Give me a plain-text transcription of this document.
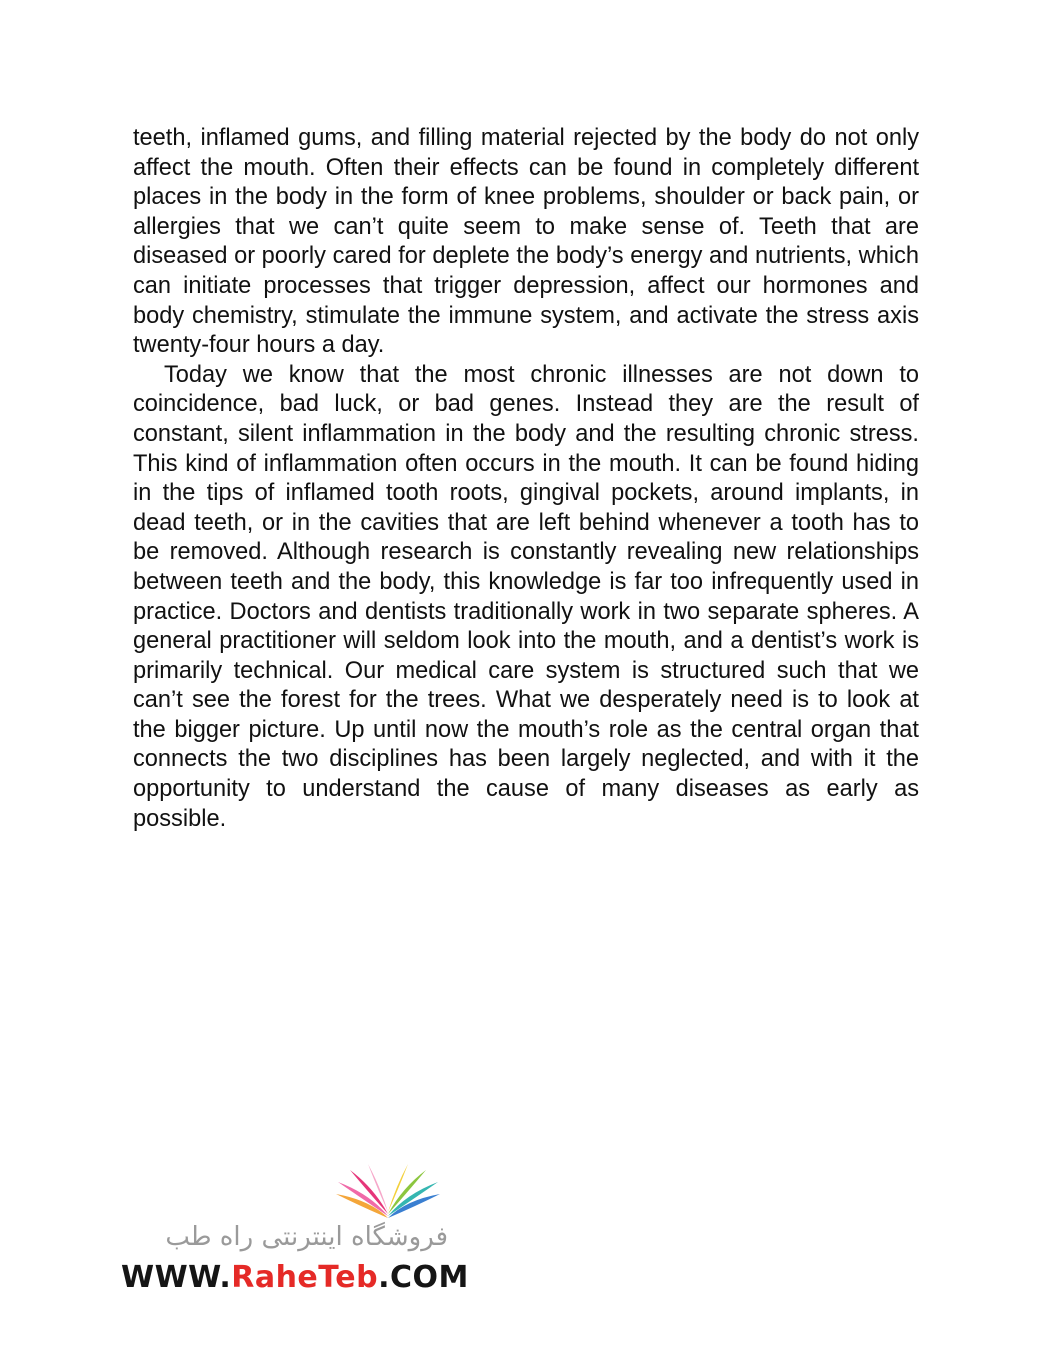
teeth, inflamed gums, and filling material rejected by the body do not only affect the mouth. Often their effects can be found in completely different places in the body in the form of knee problems, shoulder or back pain, or allergies that we can’t quite seem to make sense of. Teeth that are diseased or poorly cared for deplete the body’s energy and nutrients, which can initiate processes that trigger depression, affect our hormones and body chemistry, stimulate the immune system, and activate the stress axis twenty-four hours a day.

Today we know that the most chronic illnesses are not down to coincidence, bad luck, or bad genes. Instead they are the result of constant, silent inflammation in the body and the resulting chronic stress. This kind of inflammation often occurs in the mouth. It can be found hiding in the tips of inflamed tooth roots, gingival pockets, around implants, in dead teeth, or in the cavities that are left behind whenever a tooth has to be removed. Although research is constantly revealing new relationships between teeth and the body, this knowledge is far too infrequently used in practice. Doctors and dentists traditionally work in two separate spheres. A general practitioner will seldom look into the mouth, and a dentist’s work is primarily technical. Our medical care system is structured such that we can’t see the forest for the trees. What we desperately need is to look at the bigger picture. Up until now the mouth’s role as the central organ that connects the two disciplines has been largely neglected, and with it the opportunity to understand the cause of many diseases as early as possible.

فروشگاه اینترنتی راه طب
WWW.RaheTeb.COM
